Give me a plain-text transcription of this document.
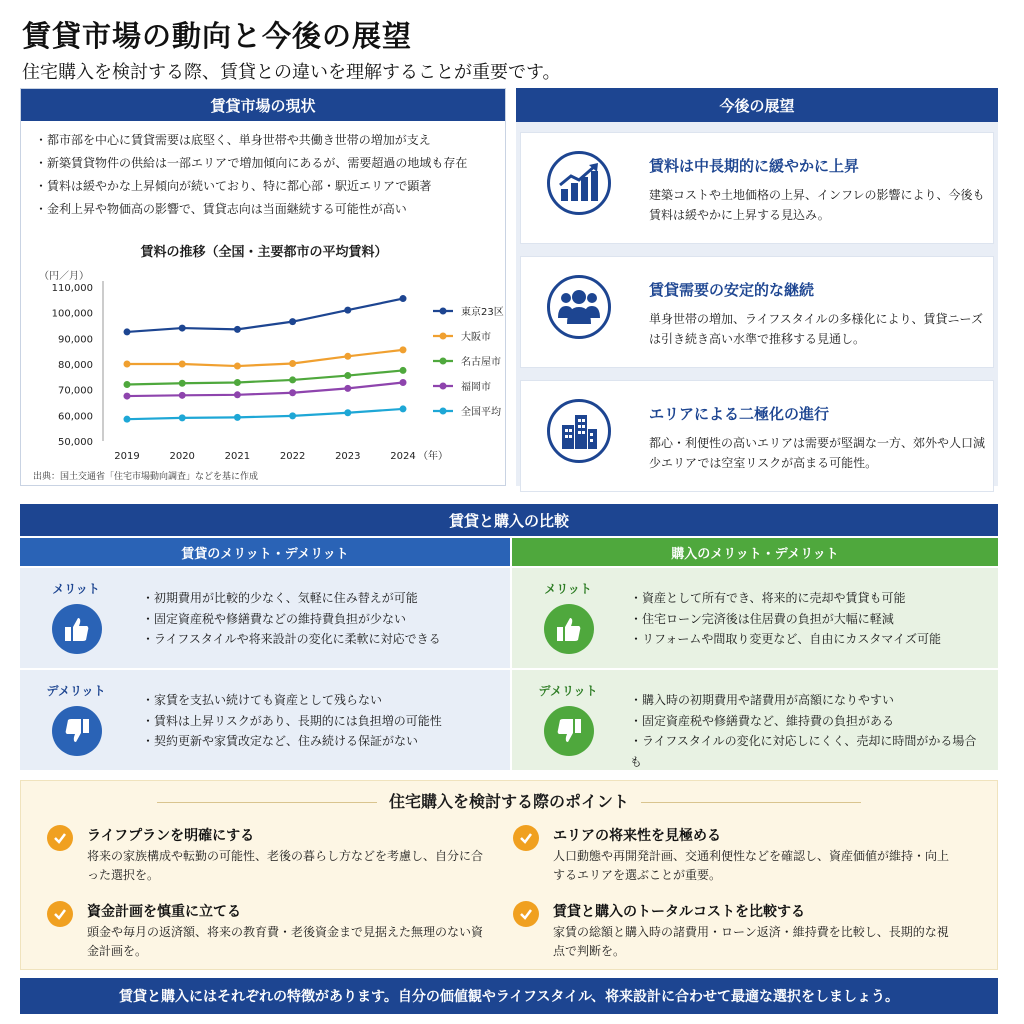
賃貸市場の動向と今後の展望
住宅購入を検討する際、賃貸との違いを理解することが重要です。
賃貸市場の現状
・ 都市部を中心に賃貸需要は底堅く、単身世帯や共働き世帯の増加が支え
・ 新築賃貸物件の供給は一部エリアで増加傾向にあるが、需要超過の地域も存在
・ 賃料は緩やかな上昇傾向が続いており、特に都心部・駅近エリアで顕著
・ 金利上昇や物価高の影響で、賃貸志向は当面継続する可能性が高い
賃料の推移（全国・主要都市の平均賃料）
（円／月）
50,000
60,000
70,000
80,000
90,000
100,000
110,000
2019	2020	2021	2022	2023	2024 （年）
東京23区
大阪市
名古屋市
福岡市
全国平均
出典：国土交通省「住宅市場動向調査」などを基に作成
今後の展望
賃料は中長期的に緩やかに上昇
建築コストや土地価格の上昇、インフレの影響により、今後も賃料は緩やかに上昇する見込み。
賃貸需要の安定的な継続
単身世帯の増加、ライフスタイルの多様化により、賃貸ニーズは引き続き高い水準で推移する見通し。
エリアによる二極化の進行
都心・利便性の高いエリアは需要が堅調な一方、郊外や人口減少エリアでは空室リスクが高まる可能性。
賃貸と購入の比較
賃貸のメリット・デメリット	購入のメリット・デメリット
メリット
・ 初期費用が比較的少なく、気軽に住み替えが可能
・ 固定資産税や修繕費などの維持費負担が少ない
・ ライフスタイルや将来設計の変化に柔軟に対応できる
メリット
・ 資産として所有でき、将来的に売却や賃貸も可能
・ 住宅ローン完済後は住居費の負担が大幅に軽減
・ リフォームや間取り変更など、自由にカスタマイズ可能
デメリット
・ 家賃を支払い続けても資産として残らない
・ 賃料は上昇リスクがあり、長期的には負担増の可能性
・ 契約更新や家賃改定など、住み続ける保証がない
デメリット
・ 購入時の初期費用や諸費用が高額になりやすい
・ 固定資産税や修繕費など、維持費の負担がある
・ ライフスタイルの変化に対応しにくく、売却に時間がかる場合も
住宅購入を検討する際のポイント
ライフプランを明確にする
将来の家族構成や転勤の可能性、老後の暮らし方などを考慮し、自分に合った選択を。
エリアの将来性を見極める
人口動態や再開発計画、交通利便性などを確認し、資産価値が維持・向上するエリアを選ぶことが重要。
資金計画を慎重に立てる
頭金や毎月の返済額、将来の教育費・老後資金まで見据えた無理のない資金計画を。
賃貸と購入のトータルコストを比較する
家賃の総額と購入時の諸費用・ローン返済・維持費を比較し、長期的な視点で判断を。
賃貸と購入にはそれぞれの特徴があります。自分の価値観やライフスタイル、将来設計に合わせて最適な選択をしましょう。
